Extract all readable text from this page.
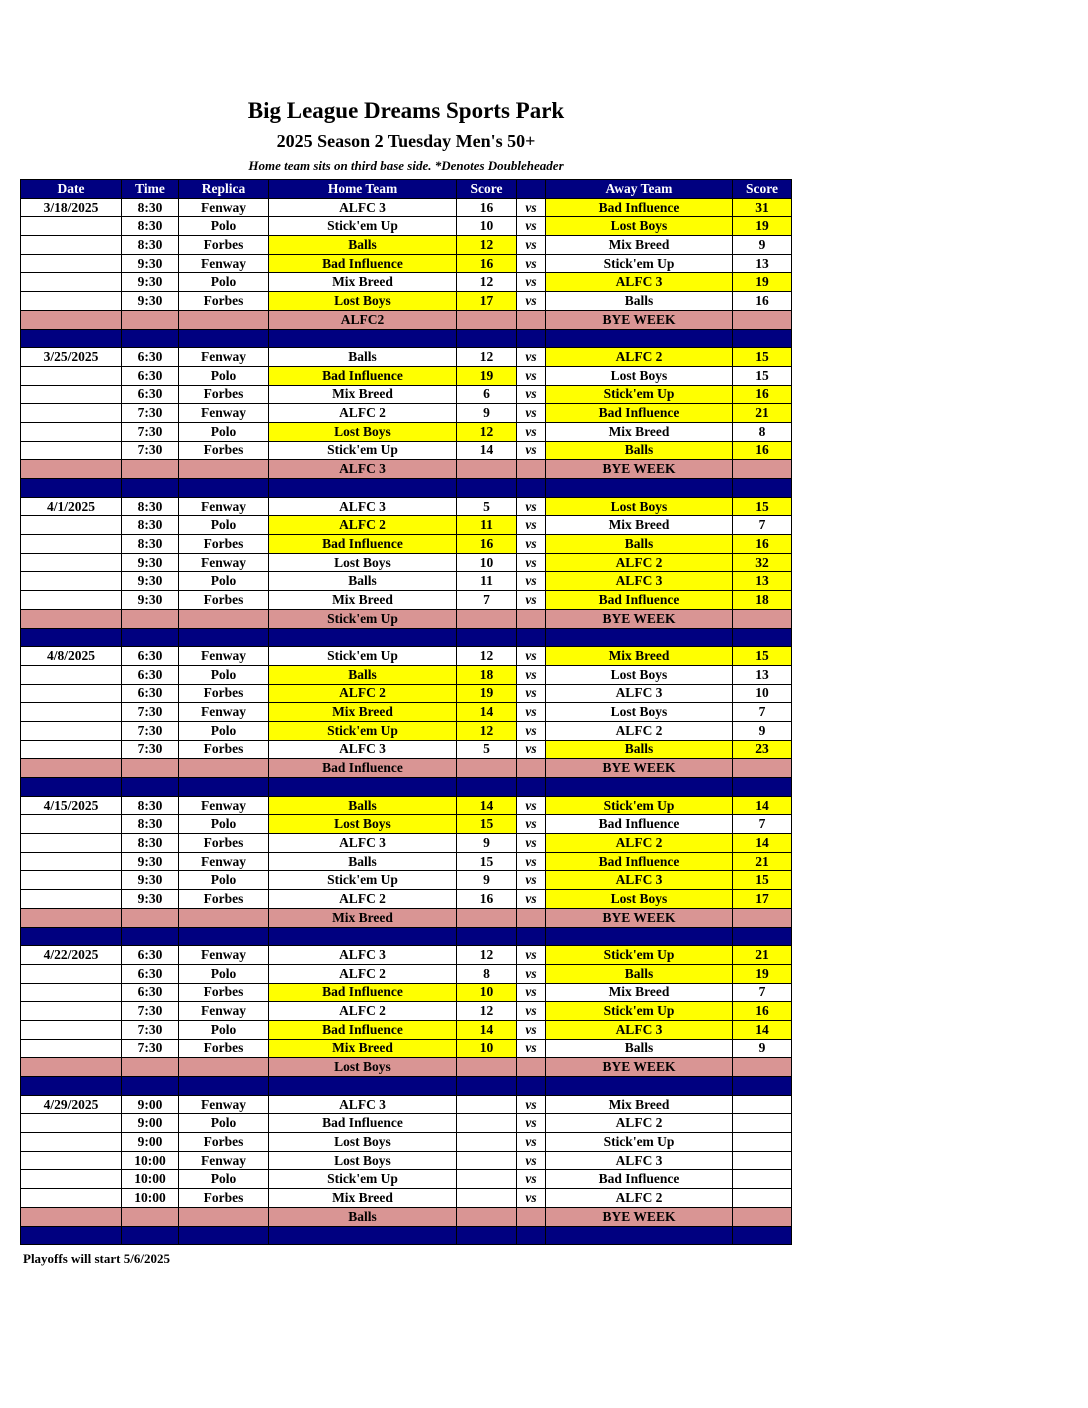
Big League Dreams Sports Park
2025 Season 2 Tuesday Men's 50+
Home team sits on third base side. *Denotes Doubleheader
Date	Time	Replica	Home Team	Score		Away Team	Score
3/18/2025	8:30	Fenway	ALFC 3	16	vs	Bad Influence	31
	8:30	Polo	Stick'em Up	10	vs	Lost Boys	19
	8:30	Forbes	Balls	12	vs	Mix Breed	9
	9:30	Fenway	Bad Influence	16	vs	Stick'em Up	13
	9:30	Polo	Mix Breed	12	vs	ALFC 3	19
	9:30	Forbes	Lost Boys	17	vs	Balls	16
			ALFC2			BYE WEEK	

3/25/2025	6:30	Fenway	Balls	12	vs	ALFC 2	15
	6:30	Polo	Bad Influence	19	vs	Lost Boys	15
	6:30	Forbes	Mix Breed	6	vs	Stick'em Up	16
	7:30	Fenway	ALFC 2	9	vs	Bad Influence	21
	7:30	Polo	Lost Boys	12	vs	Mix Breed	8
	7:30	Forbes	Stick'em Up	14	vs	Balls	16
			ALFC 3			BYE WEEK	

4/1/2025	8:30	Fenway	ALFC 3	5	vs	Lost Boys	15
	8:30	Polo	ALFC 2	11	vs	Mix Breed	7
	8:30	Forbes	Bad Influence	16	vs	Balls	16
	9:30	Fenway	Lost Boys	10	vs	ALFC 2	32
	9:30	Polo	Balls	11	vs	ALFC 3	13
	9:30	Forbes	Mix Breed	7	vs	Bad Influence	18
			Stick'em Up			BYE WEEK	

4/8/2025	6:30	Fenway	Stick'em Up	12	vs	Mix Breed	15
	6:30	Polo	Balls	18	vs	Lost Boys	13
	6:30	Forbes	ALFC 2	19	vs	ALFC 3	10
	7:30	Fenway	Mix Breed	14	vs	Lost Boys	7
	7:30	Polo	Stick'em Up	12	vs	ALFC 2	9
	7:30	Forbes	ALFC 3	5	vs	Balls	23
			Bad Influence			BYE WEEK	

4/15/2025	8:30	Fenway	Balls	14	vs	Stick'em Up	14
	8:30	Polo	Lost Boys	15	vs	Bad Influence	7
	8:30	Forbes	ALFC 3	9	vs	ALFC 2	14
	9:30	Fenway	Balls	15	vs	Bad Influence	21
	9:30	Polo	Stick'em Up	9	vs	ALFC 3	15
	9:30	Forbes	ALFC 2	16	vs	Lost Boys	17
			Mix Breed			BYE WEEK	

4/22/2025	6:30	Fenway	ALFC 3	12	vs	Stick'em Up	21
	6:30	Polo	ALFC 2	8	vs	Balls	19
	6:30	Forbes	Bad Influence	10	vs	Mix Breed	7
	7:30	Fenway	ALFC 2	12	vs	Stick'em Up	16
	7:30	Polo	Bad Influence	14	vs	ALFC 3	14
	7:30	Forbes	Mix Breed	10	vs	Balls	9
			Lost Boys			BYE WEEK	

4/29/2025	9:00	Fenway	ALFC 3		vs	Mix Breed	
	9:00	Polo	Bad Influence		vs	ALFC 2	
	9:00	Forbes	Lost Boys		vs	Stick'em Up	
	10:00	Fenway	Lost Boys		vs	ALFC 3	
	10:00	Polo	Stick'em Up		vs	Bad Influence	
	10:00	Forbes	Mix Breed		vs	ALFC 2	
			Balls			BYE WEEK	

Playoffs will start 5/6/2025
